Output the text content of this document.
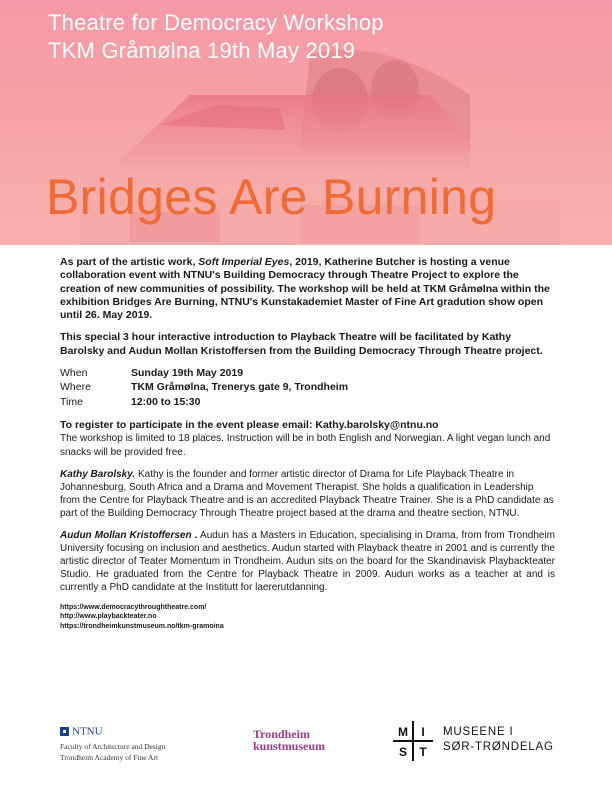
Theatre for Democracy Workshop
TKM Gråmølna 19th May 2019
Bridges Are Burning

As part of the artistic work, Soft Imperial Eyes, 2019, Katherine Butcher is hosting a venue collaboration event with NTNU's Building Democracy through Theatre Project to explore the creation of new communities of possibility. The workshop will be held at TKM Gråmølna within the exhibition Bridges Are Burning, NTNU's Kunstakademiet Master of Fine Art gradution show open until 26. May 2019.

This special 3 hour interactive introduction to Playback Theatre will be facilitated by Kathy Barolsky and Audun Mollan Kristoffersen from the Building Democracy Through Theatre project.

When	Sunday 19th May 2019
Where	TKM Gråmølna, Trenerys gate 9, Trondheim
Time	12:00 to 15:30

To register to participate in the event please email: Kathy.barolsky@ntnu.no
The workshop is limited to 18 places. Instruction will be in both English and Norwegian. A light vegan lunch and snacks will be provided free.

Kathy Barolsky. Kathy is the founder and former artistic director of Drama for Life Playback Theatre in Johannesburg, South Africa and a Drama and Movement Therapist. She holds a qualification in Leadership from the Centre for Playback Theatre and is an accredited Playback Theatre Trainer. She is a PhD candidate as part of the Building Democracy Through Theatre project based at the drama and theatre section, NTNU.

Audun Mollan Kristoffersen . Audun has a Masters in Education, specialising in Drama, from from Trondheim University focusing on inclusion and aesthetics. Audun started with Playback theatre in 2001 and is currently the artistic director of Teater Momentum in Trondheim. Audun sits on the board for the Skandinavisk Playbackteater Studio. He graduated from the Centre for Playback Theatre in 2009. Audun works as a teacher at and is currently a PhD candidate at the Institutt for laererutdanning.

https://www.democracythroughtheatre.com/
http://www.playbackteater.no
https://trondheimkunstmuseum.no/tkm-gramoina
NTNU
Faculty of Architecture and Design
Trondheim Academy of Fine Art
Trondheim
kunstmuseum
M I
S T
MUSEENE I
SØR-TRØNDELAG
